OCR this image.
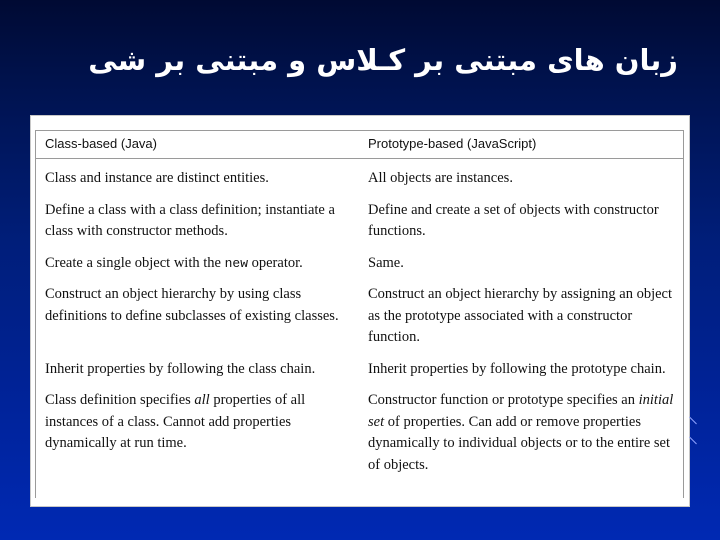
زبان های مبتنی بر کـلاس و مبتنی بر شی
Class-based (Java)	Prototype-based (JavaScript)
Class and instance are distinct entities.	All objects are instances.
Define a class with a class definition; instantiate a class with constructor methods.	Define and create a set of objects with constructor functions.
Create a single object with the new operator.	Same.
Construct an object hierarchy by using class definitions to define subclasses of existing classes.	Construct an object hierarchy by assigning an object as the prototype associated with a constructor function.
Inherit properties by following the class chain.	Inherit properties by following the prototype chain.
Class definition specifies all properties of all instances of a class. Cannot add properties dynamically at run time.	Constructor function or prototype specifies an initial set of properties. Can add or remove properties dynamically to individual objects or to the entire set of objects.
